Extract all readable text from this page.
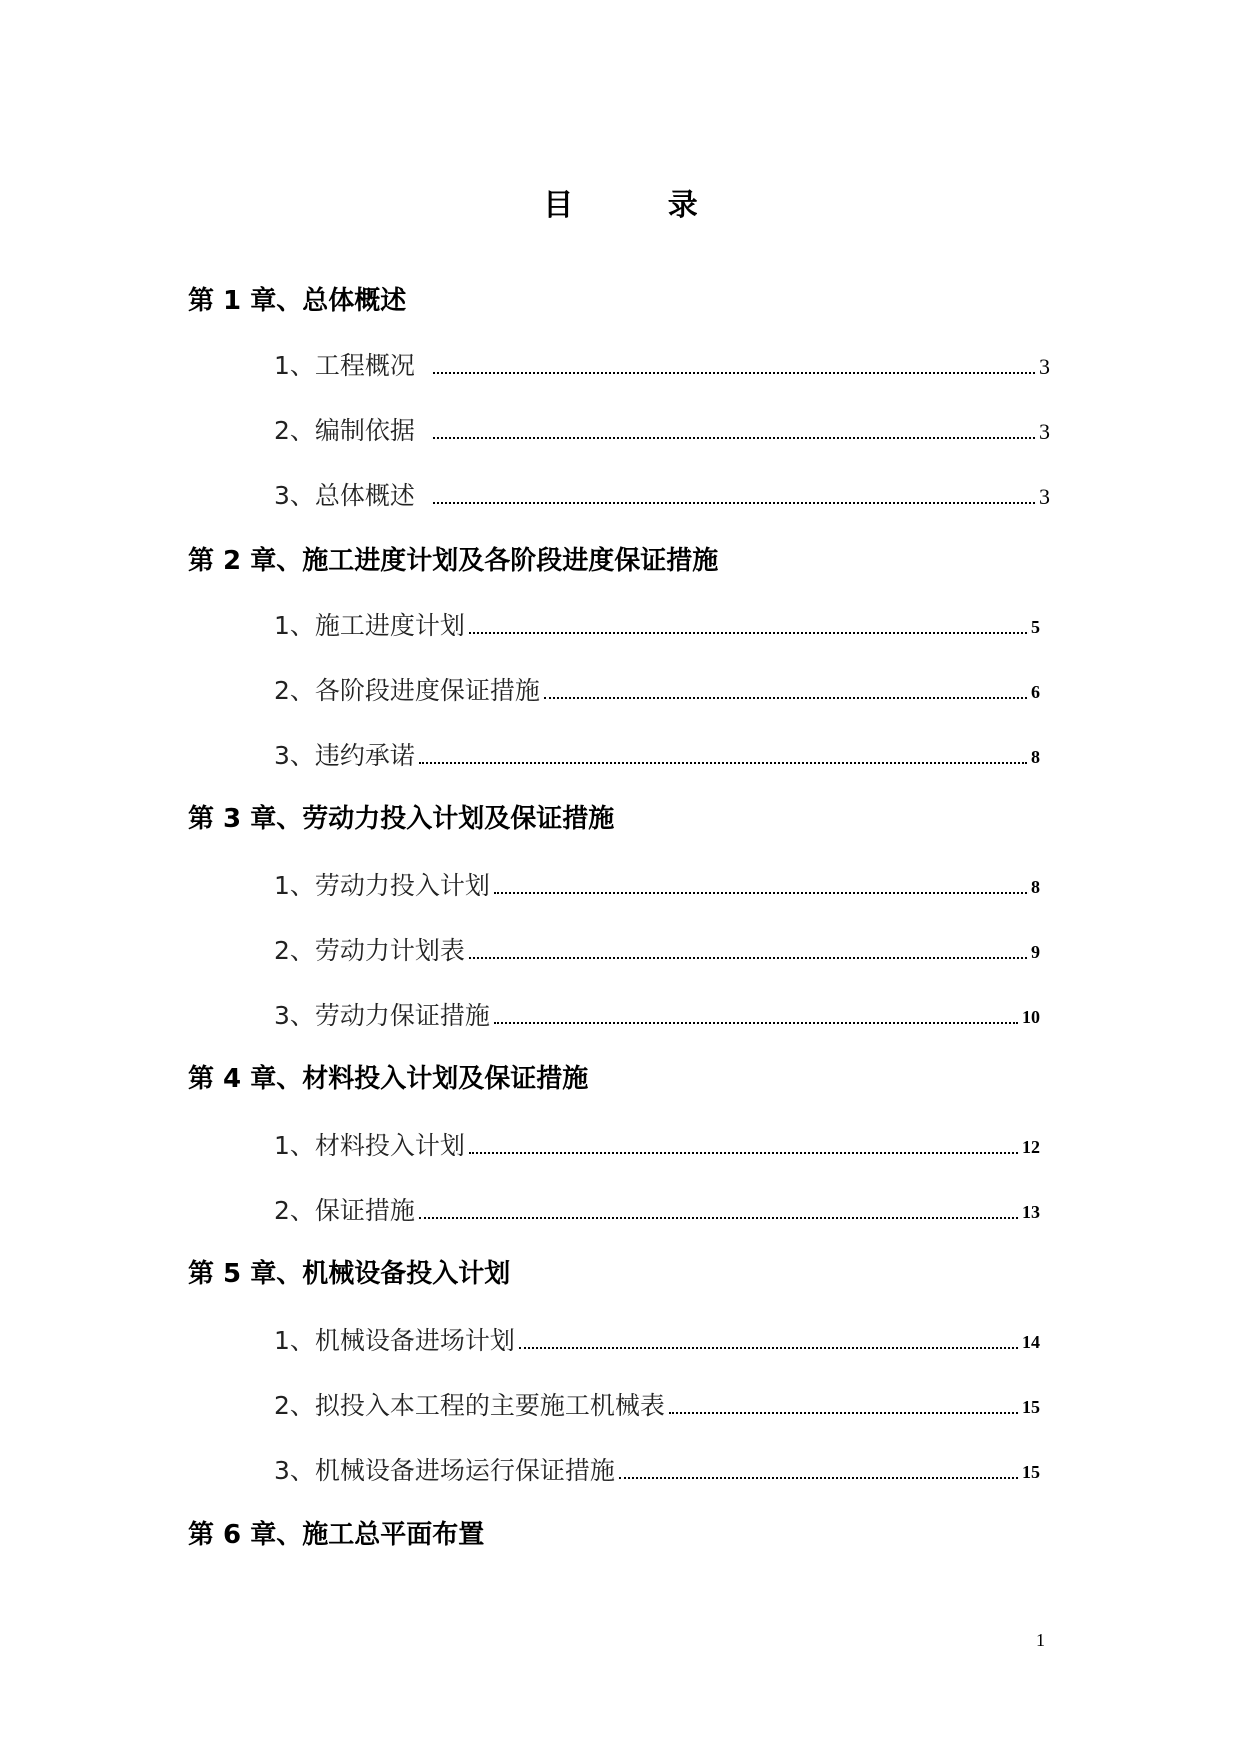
目 录
第 1 章、总体概述
1、工程概况	3
2、编制依据	3
3、总体概述	3
第 2 章、施工进度计划及各阶段进度保证措施
1、施工进度计划	5
2、各阶段进度保证措施	6
3、违约承诺	8
第 3 章、劳动力投入计划及保证措施
1、劳动力投入计划	8
2、劳动力计划表	9
3、劳动力保证措施	10
第 4 章、材料投入计划及保证措施
1、材料投入计划	12
2、保证措施	13
第 5 章、机械设备投入计划
1、机械设备进场计划	14
2、拟投入本工程的主要施工机械表	15
3、机械设备进场运行保证措施	15
第 6 章、施工总平面布置
1
